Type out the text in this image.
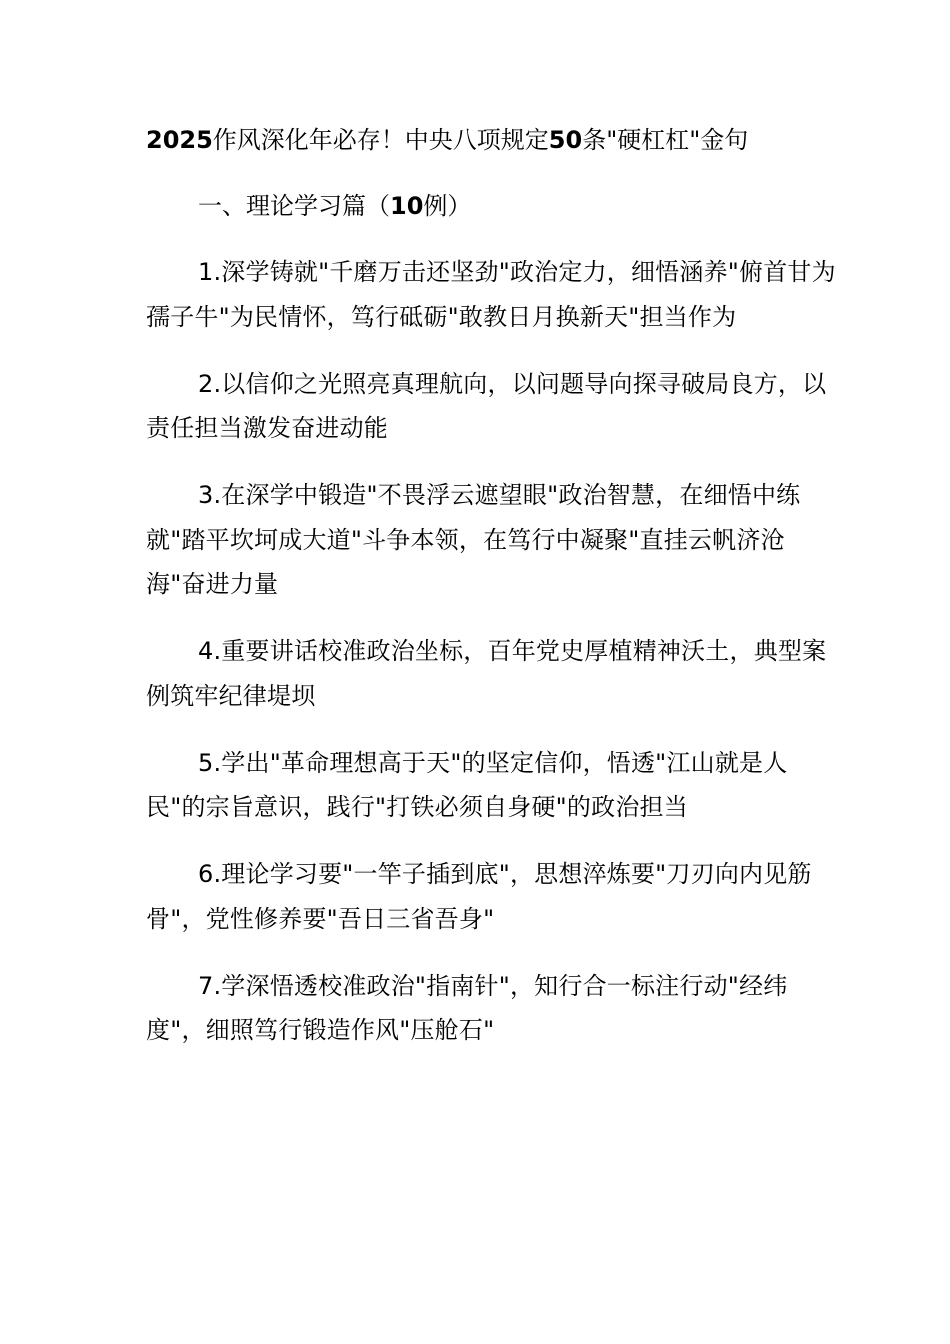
2025作风深化年必存！中央八项规定50条"硬杠杠"金句
一、理论学习篇（10例）

1.深学铸就"千磨万击还坚劲"政治定力，细悟涵养"俯首甘为孺子牛"为民情怀，笃行砥砺"敢教日月换新天"担当作为

2.以信仰之光照亮真理航向，以问题导向探寻破局良方，以责任担当激发奋进动能

3.在深学中锻造"不畏浮云遮望眼"政治智慧，在细悟中练就"踏平坎坷成大道"斗争本领，在笃行中凝聚"直挂云帆济沧海"奋进力量

4.重要讲话校准政治坐标，百年党史厚植精神沃土，典型案例筑牢纪律堤坝

5.学出"革命理想高于天"的坚定信仰，悟透"江山就是人民"的宗旨意识，践行"打铁必须自身硬"的政治担当

6.理论学习要"一竿子插到底"，思想淬炼要"刀刃向内见筋骨"，党性修养要"吾日三省吾身"

7.学深悟透校准政治"指南针"，知行合一标注行动"经纬度"，细照笃行锻造作风"压舱石"
